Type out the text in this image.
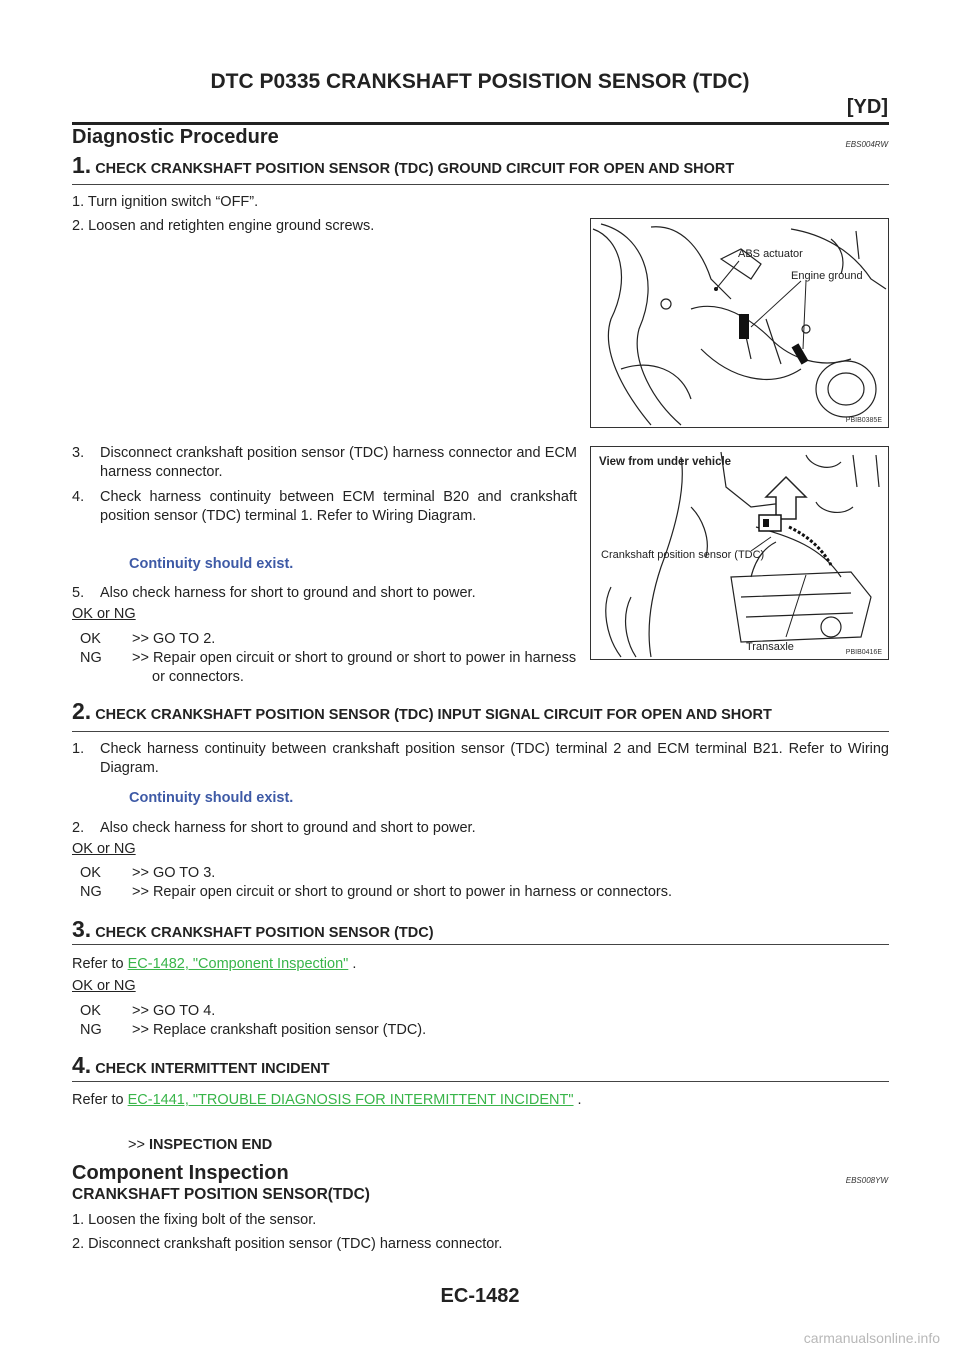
DTC P0335 CRANKSHAFT POSISTION SENSOR (TDC)
[YD]
Diagnostic Procedure	EBS004RW
1. CHECK CRANKSHAFT POSITION SENSOR (TDC) GROUND CIRCUIT FOR OPEN AND SHORT
1. Turn ignition switch “OFF”.
2. Loosen and retighten engine ground screws.
ABS actuator
Engine ground
PBIB0385E
3.	Disconnect crankshaft position sensor (TDC) harness connector and ECM harness connector.
4.	Check harness continuity between ECM terminal B20 and crankshaft position sensor (TDC) terminal 1. Refer to Wiring Diagram.
Continuity should exist.
5.	Also check harness for short to ground and short to power.
OK or NG
OK >> GO TO 2.
NG	>> Repair open circuit or short to ground or short to power in harness or connectors.
View from under vehicle
Crankshaft position sensor (TDC)
Transaxle	PBIB0416E
2. CHECK CRANKSHAFT POSITION SENSOR (TDC) INPUT SIGNAL CIRCUIT FOR OPEN AND SHORT
1.	Check harness continuity between crankshaft position sensor (TDC) terminal 2 and ECM terminal B21. Refer to Wiring Diagram.
Continuity should exist.
2.	Also check harness for short to ground and short to power.
OK or NG
OK >> GO TO 3.
NG >> Repair open circuit or short to ground or short to power in harness or connectors.
3. CHECK CRANKSHAFT POSITION SENSOR (TDC)
Refer to EC-1482, "Component Inspection" .
OK or NG
OK >> GO TO 4.
NG >> Replace crankshaft position sensor (TDC).
4. CHECK INTERMITTENT INCIDENT
Refer to EC-1441, "TROUBLE DIAGNOSIS FOR INTERMITTENT INCIDENT" .
>> INSPECTION END
Component Inspection	EBS008YW
CRANKSHAFT POSITION SENSOR(TDC)
1. Loosen the fixing bolt of the sensor.
2. Disconnect crankshaft position sensor (TDC) harness connector.
EC-1482
carmanualsonline.info
